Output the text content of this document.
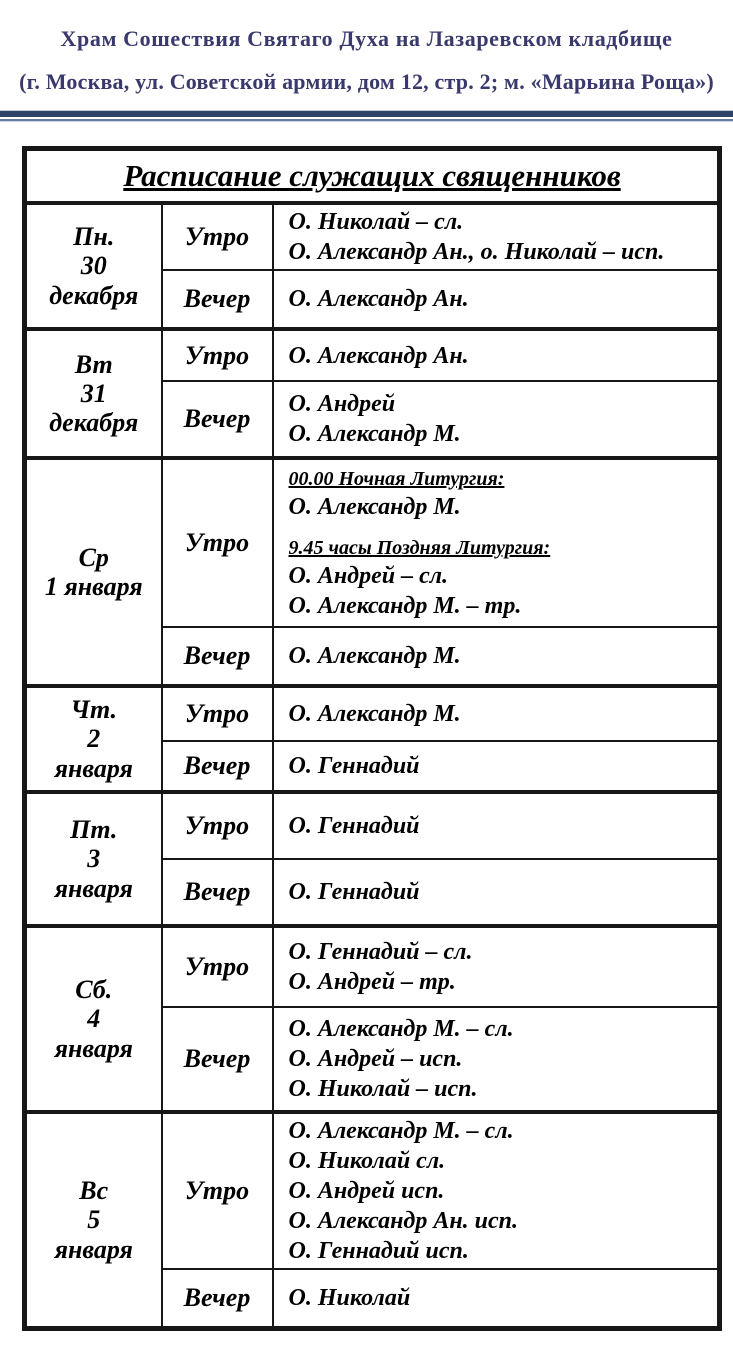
Храм Сошествия Святаго Духа на Лазаревском кладбище
(г. Москва, ул. Советской армии, дом 12, стр. 2; м. «Марьина Роща»)
Расписание служащих священников		

Пн.
30
декабря
	Утро	О. Николай – сл.
О. Александр Ан., о. Николай – исп.

	Вечер	О. Александр Ан.

Вт
31
декабря	Утро	О. Александр Ан.

	Вечер	О. Андрей
О. Александр М.

Ср
1 января
	Утро	
00.00 Ночная Литургия:
О. Александр М.
9.45 часы Поздняя Литургия:
О. Андрей – сл.
О. Александр М. – тр.

	Вечер	О. Александр М.

Чт.
2
января	Утро	О. Александр М.

	Вечер	О. Геннадий

Пт.
3
января	Утро	О. Геннадий

	Вечер	О. Геннадий

Сб.
4
января
	Утро	О. Геннадий – сл.
О. Андрей – тр.

	Вечер	О. Александр М. – сл.
О. Андрей – исп.
О. Николай – исп.

Вс
5
января
	Утро	
О. Александр М. – сл.
О. Николай сл.
О. Андрей исп.
О. Александр Ан. исп.
О. Геннадий исп.

	Вечер	О. Николай
